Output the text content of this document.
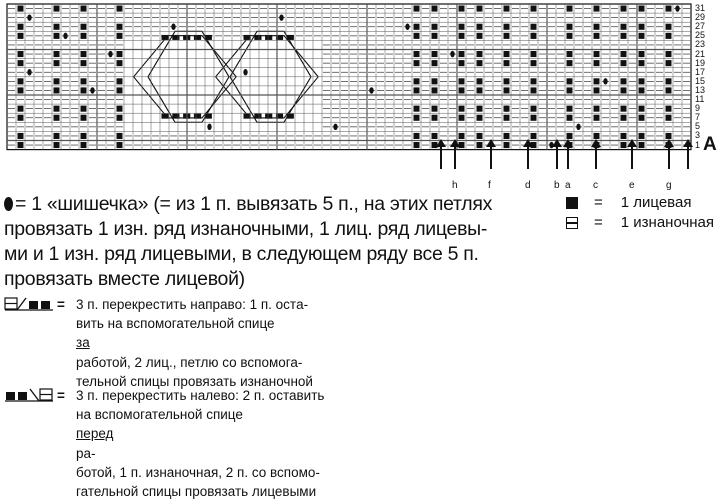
31
29
27
25
23
21
19
17
15
13
11
9
7
5
3
1 A
h	f	d b a c	e	g
= 1 «шишечка» (= из 1 п. вывязать 5 п., на этих петлях
провязать 1 изн. ряд изнаночными, 1 лиц. ряд лицевы-
ми и 1 изн. ряд лицевыми, в следующем ряду все 5 п.
провязать вместе лицевой)
= 1 лицевая
= 1 изнаночная
= 3 п. перекрестить направо: 1 п. остa-
вить на вспомогательной спице
за
работой, 2 лиц., петлю со вспомога-
тельной спицы провязать изнаночной
= 3 п. перекрестить налево: 2 п. оставить
на вспомогательной спице
перед
ра-
ботой, 1 п. изнаночная, 2 п. со вспомо-
гательной спицы провязать лицевыми
